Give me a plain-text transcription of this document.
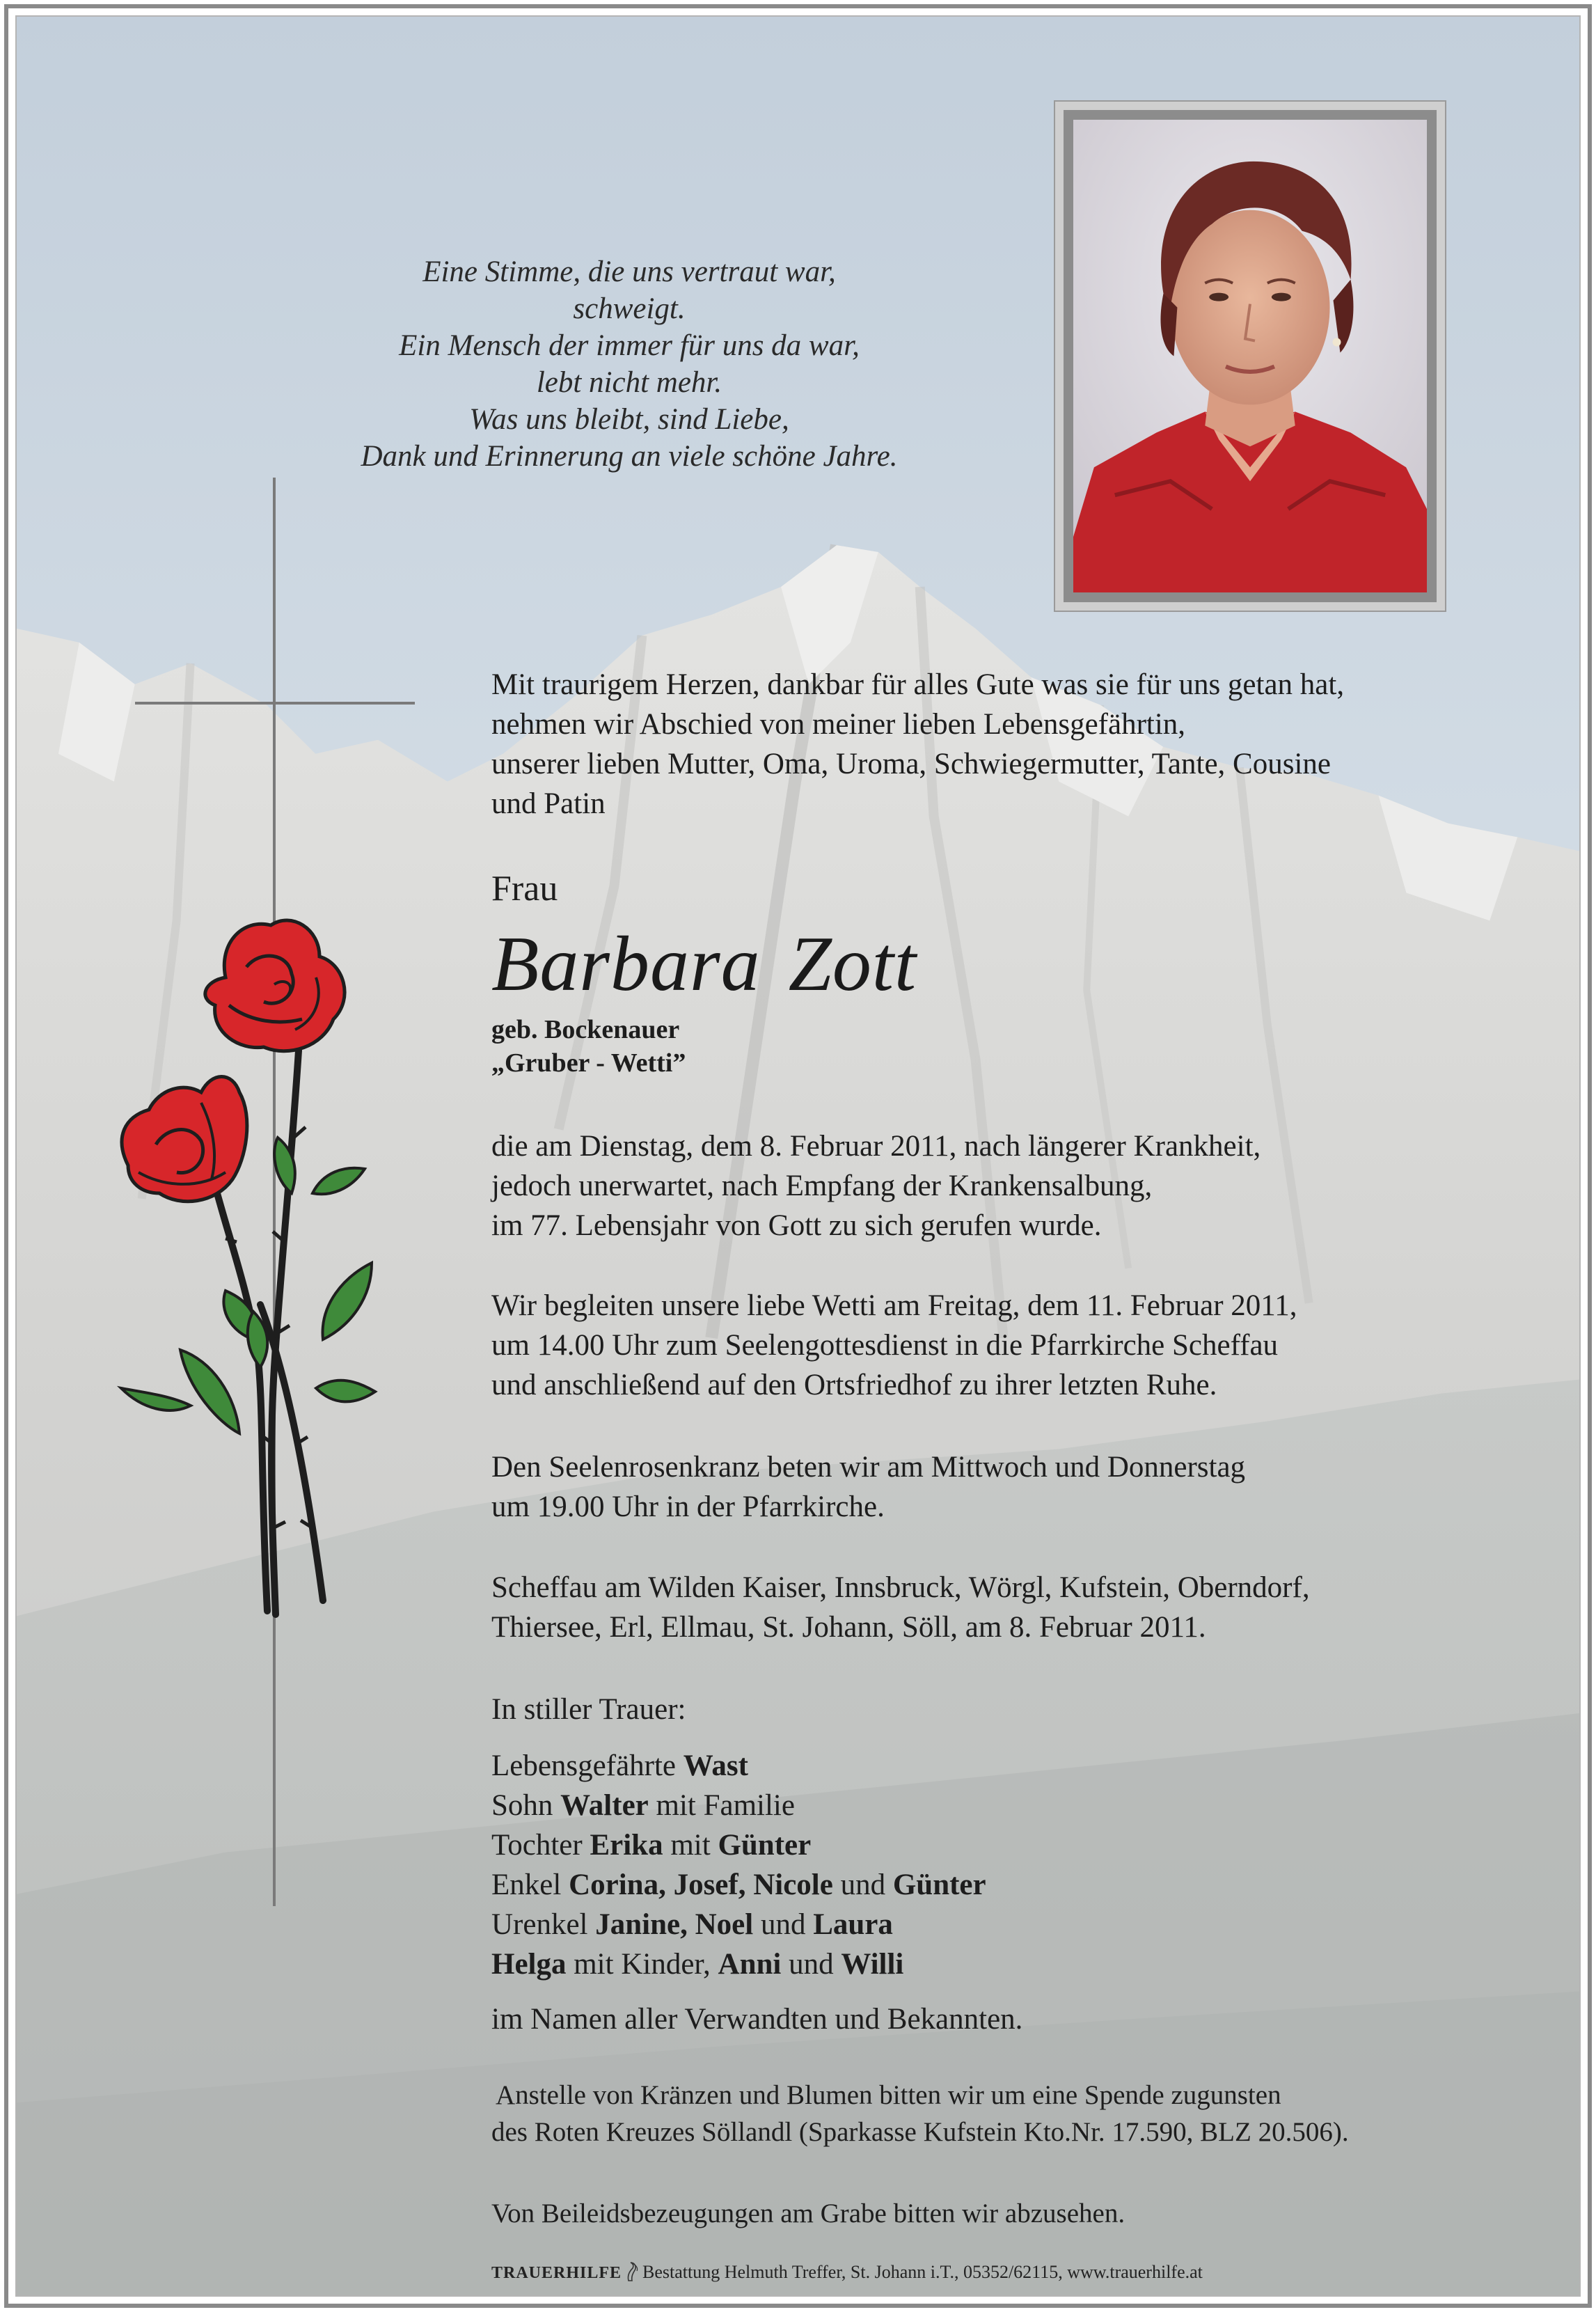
Eine Stimme, die uns vertraut war,
schweigt.
Ein Mensch der immer für uns da war,
lebt nicht mehr.
Was uns bleibt, sind Liebe,
Dank und Erinnerung an viele schöne Jahre.

Mit traurigem Herzen, dankbar für alles Gute was sie für uns getan hat,

nehmen wir Abschied von meiner lieben Lebensgefährtin,

unserer lieben Mutter, Oma, Uroma, Schwiegermutter, Tante, Cousine

und Patin

Frau
Barbara Zott
geb. Bockenauer
„Gruber - Wetti”

die am Dienstag, dem 8. Februar 2011, nach längerer Krankheit,

jedoch unerwartet, nach Empfang der Krankensalbung,

im 77. Lebensjahr von Gott zu sich gerufen wurde.

Wir begleiten unsere liebe Wetti am Freitag, dem 11. Februar 2011,

um 14.00 Uhr zum Seelengottesdienst in die Pfarrkirche Scheffau

und anschließend auf den Ortsfriedhof zu ihrer letzten Ruhe.

Den Seelenrosenkranz beten wir am Mittwoch und Donnerstag

um 19.00 Uhr in der Pfarrkirche.

Scheffau am Wilden Kaiser, Innsbruck, Wörgl, Kufstein, Oberndorf,

Thiersee, Erl, Ellmau, St. Johann, Söll, am 8. Februar 2011.

In stiller Trauer:
Lebensgefährte Wast
Sohn Walter mit Familie
Tochter Erika mit Günter
Enkel Corina, Josef, Nicole und Günter
Urenkel Janine, Noel und Laura
Helga mit Kinder, Anni und Willi
im Namen aller Verwandten und Bekannten.
Anstelle von Kränzen und Blumen bitten wir um eine Spende zugunsten
des Roten Kreuzes Söllandl (Sparkasse Kufstein Kto.Nr. 17.590, BLZ 20.506).
Von Beileidsbezeugungen am Grabe bitten wir abzusehen.
TRAUERHILFE Bestattung Helmuth Treffer, St. Johann i.T., 05352/62115, www.trauerhilfe.at
